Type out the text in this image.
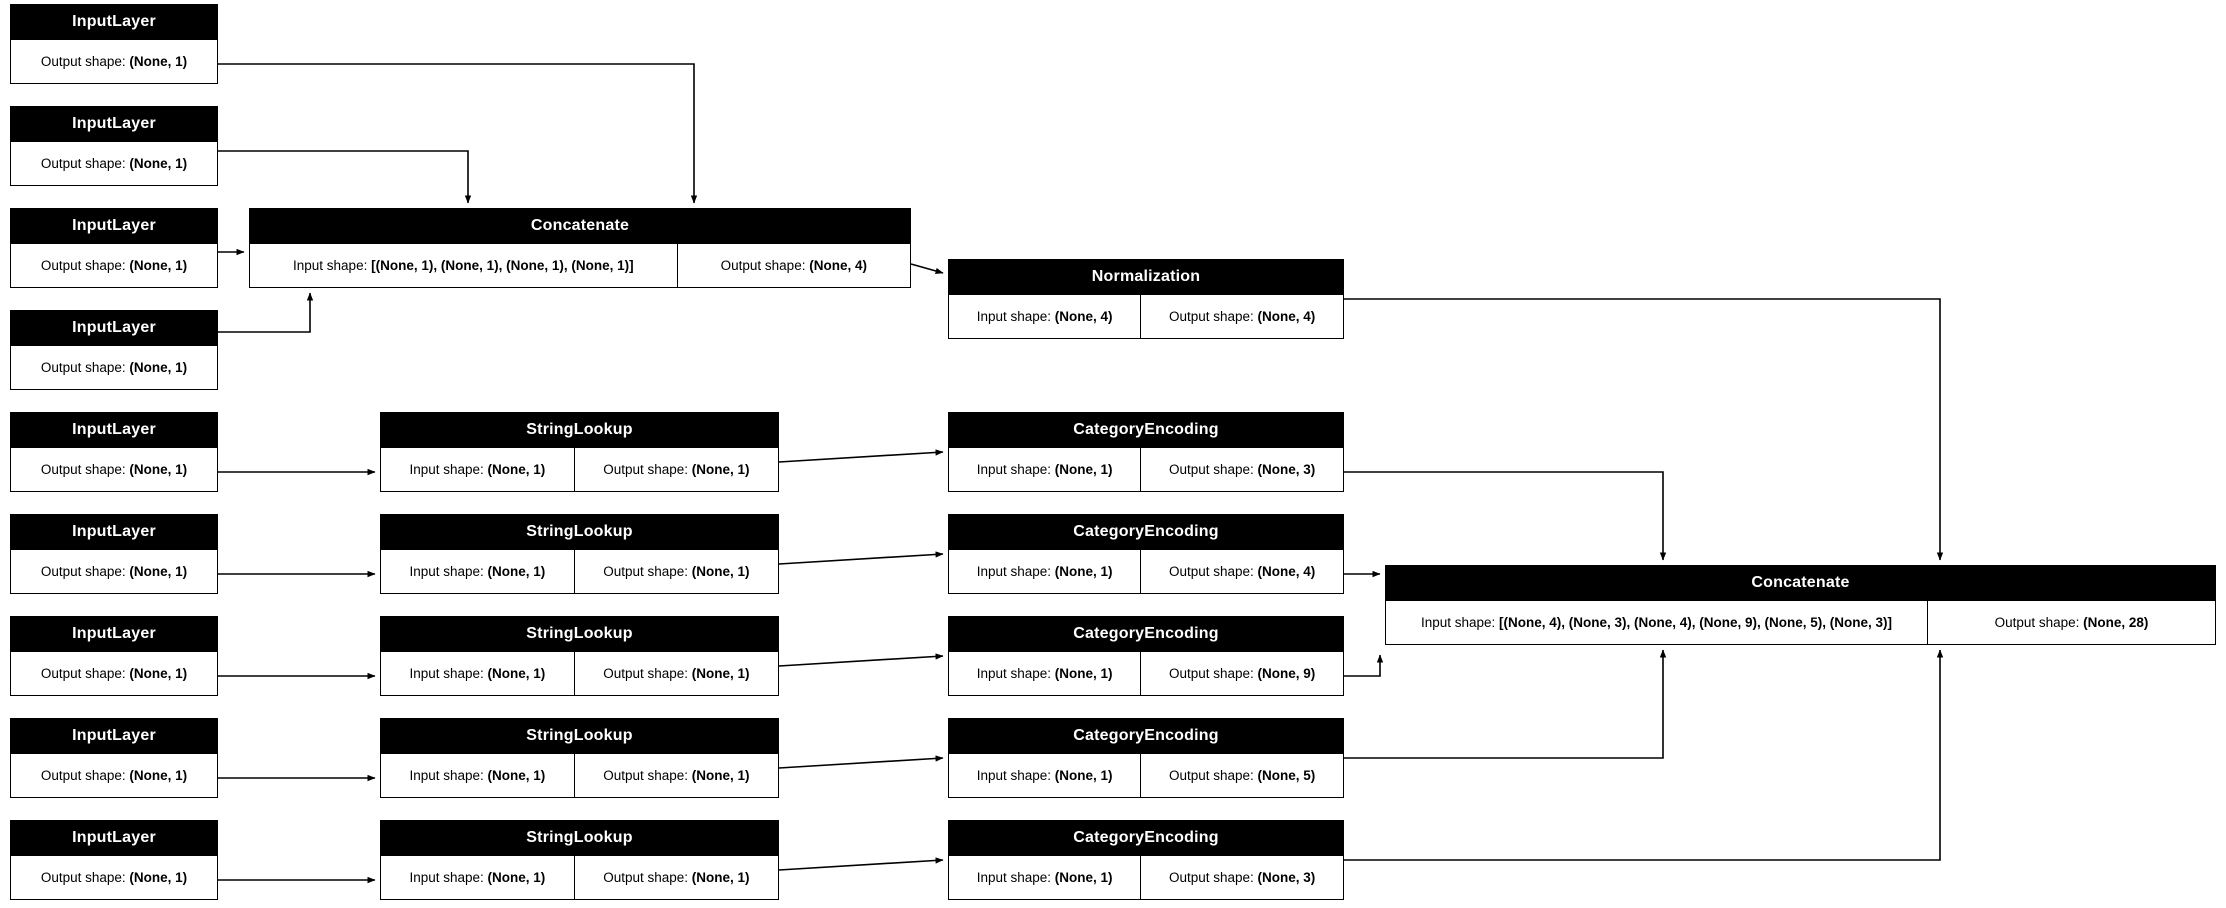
InputLayer
Output shape:
(None, 1)
InputLayer
Output shape:
(None, 1)
InputLayer
Output shape:
(None, 1)
InputLayer
Output shape:
(None, 1)
Concatenate
Input shape:
[(None, 1), (None, 1), (None, 1), (None, 1)]	Output shape:
(None, 4)
Normalization
Input shape:
(None, 4)	Output shape:
(None, 4)
InputLayer
Output shape:
(None, 1)
InputLayer
Output shape:
(None, 1)
InputLayer
Output shape:
(None, 1)
InputLayer
Output shape:
(None, 1)
InputLayer
Output shape:
(None, 1)
StringLookup
Input shape:
(None, 1)	Output shape:
(None, 1)
StringLookup
Input shape:
(None, 1)	Output shape:
(None, 1)
StringLookup
Input shape:
(None, 1)	Output shape:
(None, 1)
StringLookup
Input shape:
(None, 1)	Output shape:
(None, 1)
StringLookup
Input shape:
(None, 1)	Output shape:
(None, 1)
CategoryEncoding
Input shape:
(None, 1)	Output shape:
(None, 3)
CategoryEncoding
Input shape:
(None, 1)	Output shape:
(None, 4)
CategoryEncoding
Input shape:
(None, 1)	Output shape:
(None, 9)
CategoryEncoding
Input shape:
(None, 1)	Output shape:
(None, 5)
CategoryEncoding
Input shape:
(None, 1)	Output shape:
(None, 3)
Concatenate
Input shape:
[(None, 4), (None, 3), (None, 4), (None, 9), (None, 5), (None, 3)]	Output shape:
(None, 28)
